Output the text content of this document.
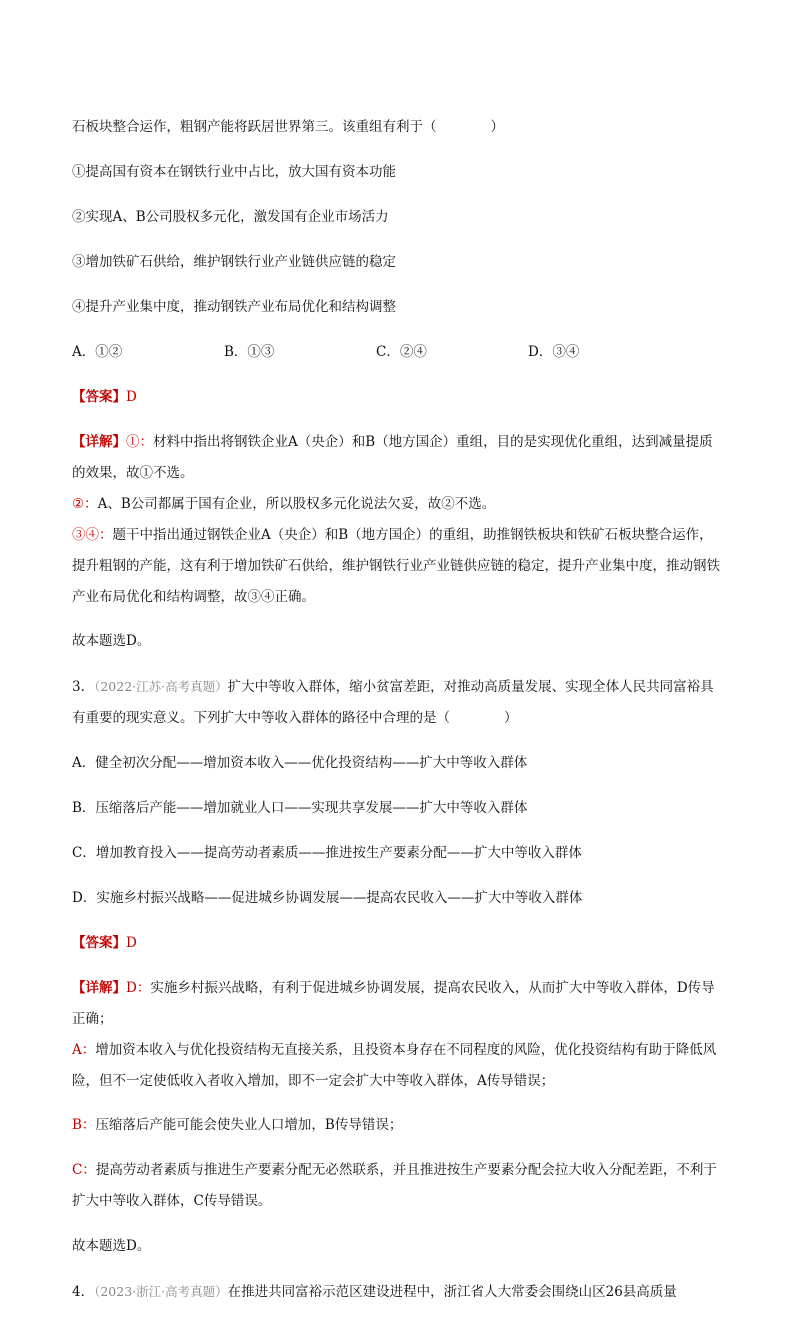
石板块整合运作，粗钢产能将跃居世界第三。该重组有利于（　　　　）

①提高国有资本在钢铁行业中占比，放大国有资本功能

②实现A、B公司股权多元化，激发国有企业市场活力

③增加铁矿石供给，维护钢铁行业产业链供应链的稳定

④提升产业集中度，推动钢铁产业布局优化和结构调整

A．①②	B．①③	C．②④	D．③④

【答案】D

【详解】①：材料中指出将钢铁企业A（央企）和B（地方国企）重组，目的是实现优化重组，达到减量提质的效果，故①不选。

②：A、B公司都属于国有企业，所以股权多元化说法欠妥，故②不选。

③④：题干中指出通过钢铁企业A（央企）和B（地方国企）的重组，助推钢铁板块和铁矿石板块整合运作，提升粗钢的产能，这有利于增加铁矿石供给，维护钢铁行业产业链供应链的稳定，提升产业集中度，推动钢铁产业布局优化和结构调整，故③④正确。

故本题选D。

3．（2022·江苏·高考真题）扩大中等收入群体，缩小贫富差距，对推动高质量发展、实现全体人民共同富裕具有重要的现实意义。下列扩大中等收入群体的路径中合理的是（　　　　）

A．健全初次分配——增加资本收入——优化投资结构——扩大中等收入群体

B．压缩落后产能——增加就业人口——实现共享发展——扩大中等收入群体

C．增加教育投入——提高劳动者素质——推进按生产要素分配——扩大中等收入群体

D．实施乡村振兴战略——促进城乡协调发展——提高农民收入——扩大中等收入群体

【答案】D

【详解】D：实施乡村振兴战略，有利于促进城乡协调发展，提高农民收入，从而扩大中等收入群体，D传导正确；

A：增加资本收入与优化投资结构无直接关系，且投资本身存在不同程度的风险，优化投资结构有助于降低风险，但不一定使低收入者收入增加，即不一定会扩大中等收入群体，A传导错误；

B：压缩落后产能可能会使失业人口增加，B传导错误；

C：提高劳动者素质与推进生产要素分配无必然联系，并且推进按生产要素分配会拉大收入分配差距，不利于扩大中等收入群体，C传导错误。

故本题选D。

4．（2023·浙江·高考真题）在推进共同富裕示范区建设进程中，浙江省人大常委会围绕山区26县高质量
